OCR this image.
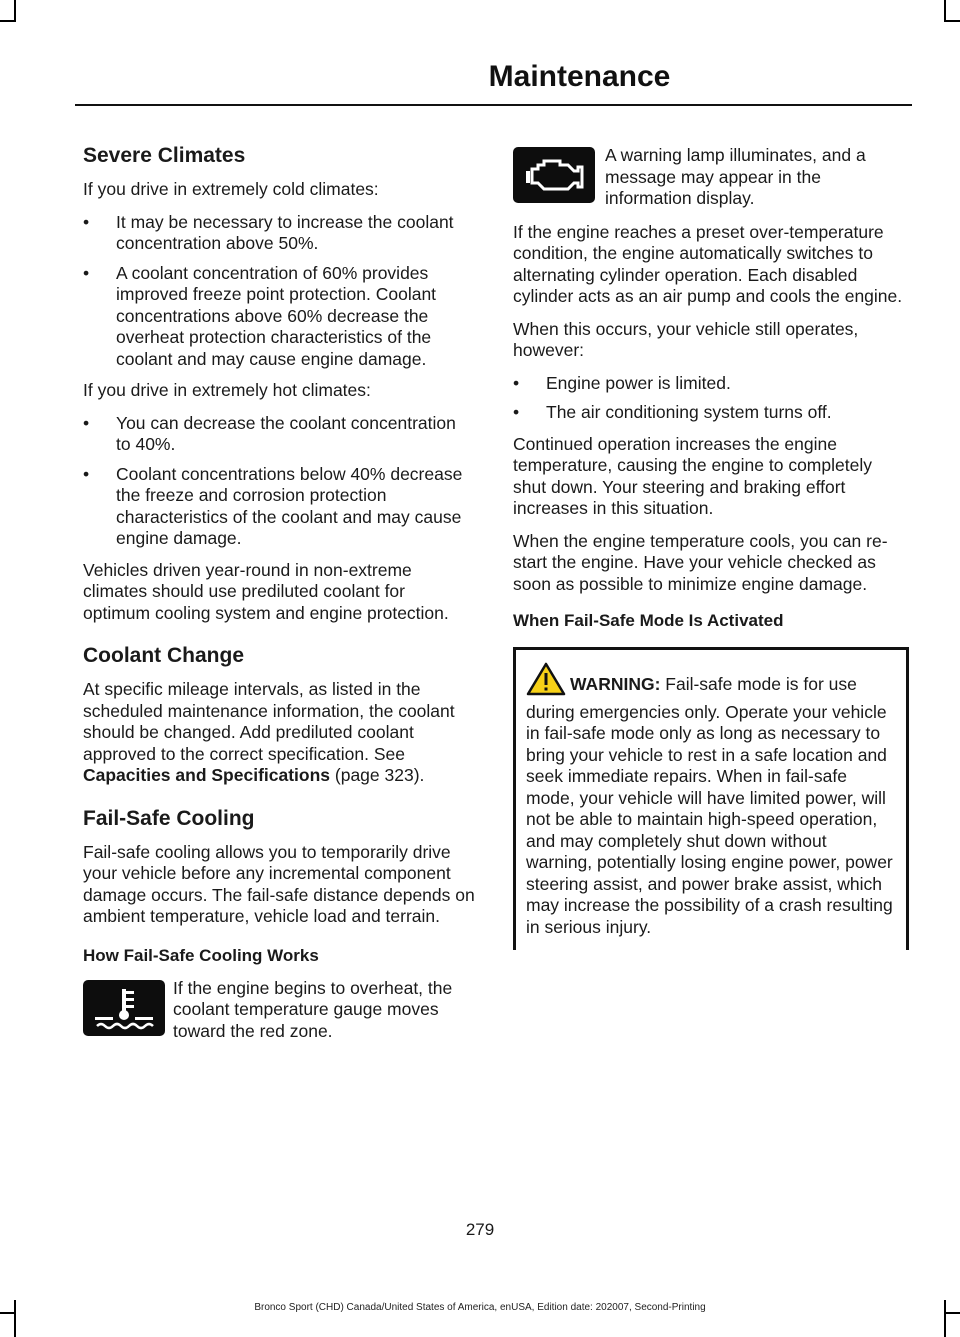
Maintenance
Severe Climates

If you drive in extremely cold climates:

• It may be necessary to increase the coolant concentration above 50%.
• A coolant concentration of 60% provides improved freeze point protection. Coolant concentrations above 60% decrease the overheat protection characteristics of the coolant and may cause engine damage.

If you drive in extremely hot climates:

• You can decrease the coolant concentration to 40%.
• Coolant concentrations below 40% decrease the freeze and corrosion protection characteristics of the coolant and may cause engine damage.

Vehicles driven year-round in non-extreme climates should use prediluted coolant for optimum cooling system and engine protection.

Coolant Change

At specific mileage intervals, as listed in the scheduled maintenance information, the coolant should be changed. Add prediluted coolant approved to the correct specification. See Capacities and Specifications (page 323).

Fail-Safe Cooling

Fail-safe cooling allows you to temporarily drive your vehicle before any incremental component damage occurs. The fail-safe distance depends on ambient temperature, vehicle load and terrain.

How Fail-Safe Cooling Works
If the engine begins to overheat, the coolant temperature gauge moves toward the red zone.
A warning lamp illuminates, and a message may appear in the information display.

If the engine reaches a preset over-temperature condition, the engine automatically switches to alternating cylinder operation. Each disabled cylinder acts as an air pump and cools the engine.

When this occurs, your vehicle still operates, however:

• Engine power is limited.
• The air conditioning system turns off.

Continued operation increases the engine temperature, causing the engine to completely shut down. Your steering and braking effort increases in this situation.

When the engine temperature cools, you can re-start the engine. Have your vehicle checked as soon as possible to minimize engine damage.

When Fail-Safe Mode Is Activated

WARNING: Fail-safe mode is for use during emergencies only. Operate your vehicle in fail-safe mode only as long as necessary to bring your vehicle to rest in a safe location and seek immediate repairs. When in fail-safe mode, your vehicle will have limited power, will not be able to maintain high-speed operation, and may completely shut down without warning, potentially losing engine power, power steering assist, and power brake assist, which may increase the possibility of a crash resulting in serious injury.

279
Bronco Sport (CHD) Canada/United States of America, enUSA, Edition date: 202007, Second-Printing
